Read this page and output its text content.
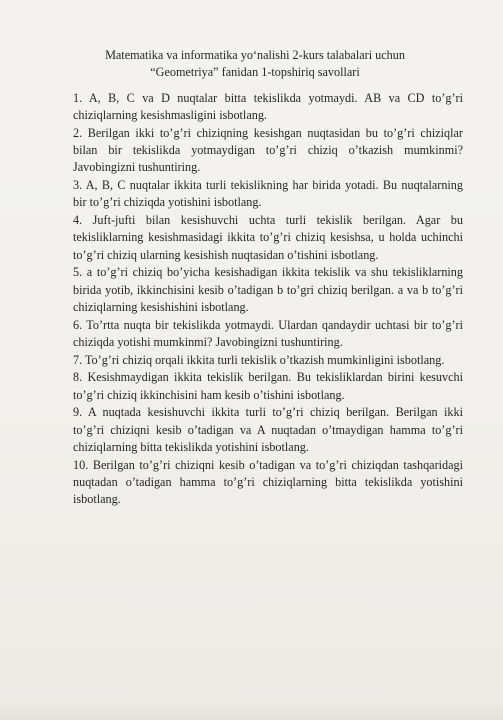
Matematika va informatika yo‘nalishi 2-kurs talabalari uchun
“Geometriya” fanidan 1-topshiriq savollari

1. A, B, C va D nuqtalar bitta tekislikda yotmaydi. AB va CD to’g’ri chiziqlarning kesishmasligini isbotlang.

2. Berilgan ikki to’g’ri chiziqning kesishgan nuqtasidan bu to’g’ri chiziqlar bilan bir tekislikda yotmaydigan to’g’ri chiziq o’tkazish mumkinmi? Javobingizni tushuntiring.

3. A, B, C nuqtalar ikkita turli tekislikning har birida yotadi. Bu nuqtalarning bir to’g’ri chiziqda yotishini isbotlang.

4. Juft-jufti bilan kesishuvchi uchta turli tekislik berilgan. Agar bu tekisliklarning kesishmasidagi ikkita to’g’ri chiziq kesishsa, u holda uchinchi to’g’ri chiziq ularning kesishish nuqtasidan o’tishini isbotlang.

5. a to’g’ri chiziq bo’yicha kesishadigan ikkita tekislik va shu tekisliklarning birida yotib, ikkinchisini kesib o’tadigan b to’gri chiziq berilgan. a va b to’g’ri chiziqlarning kesishishini isbotlang.

6. To’rtta nuqta bir tekislikda yotmaydi. Ulardan qandaydir uchtasi bir to’g’ri chiziqda yotishi mumkinmi? Javobingizni tushuntiring.

7. To’g’ri chiziq orqali ikkita turli tekislik o’tkazish mumkinligini isbotlang.

8. Kesishmaydigan ikkita tekislik berilgan. Bu tekisliklardan birini kesuvchi to’g’ri chiziq ikkinchisini ham kesib o’tishini isbotlang.

9. A nuqtada kesishuvchi ikkita turli to’g’ri chiziq berilgan. Berilgan ikki to’g’ri chiziqni kesib o’tadigan va A nuqtadan o’tmaydigan hamma to’g’ri chiziqlarning bitta tekislikda yotishini isbotlang.

10. Berilgan to’g’ri chiziqni kesib o’tadigan va to’g’ri chiziqdan tashqaridagi nuqtadan o’tadigan hamma to’g’ri chiziqlarning bitta tekislikda yotishini isbotlang.
